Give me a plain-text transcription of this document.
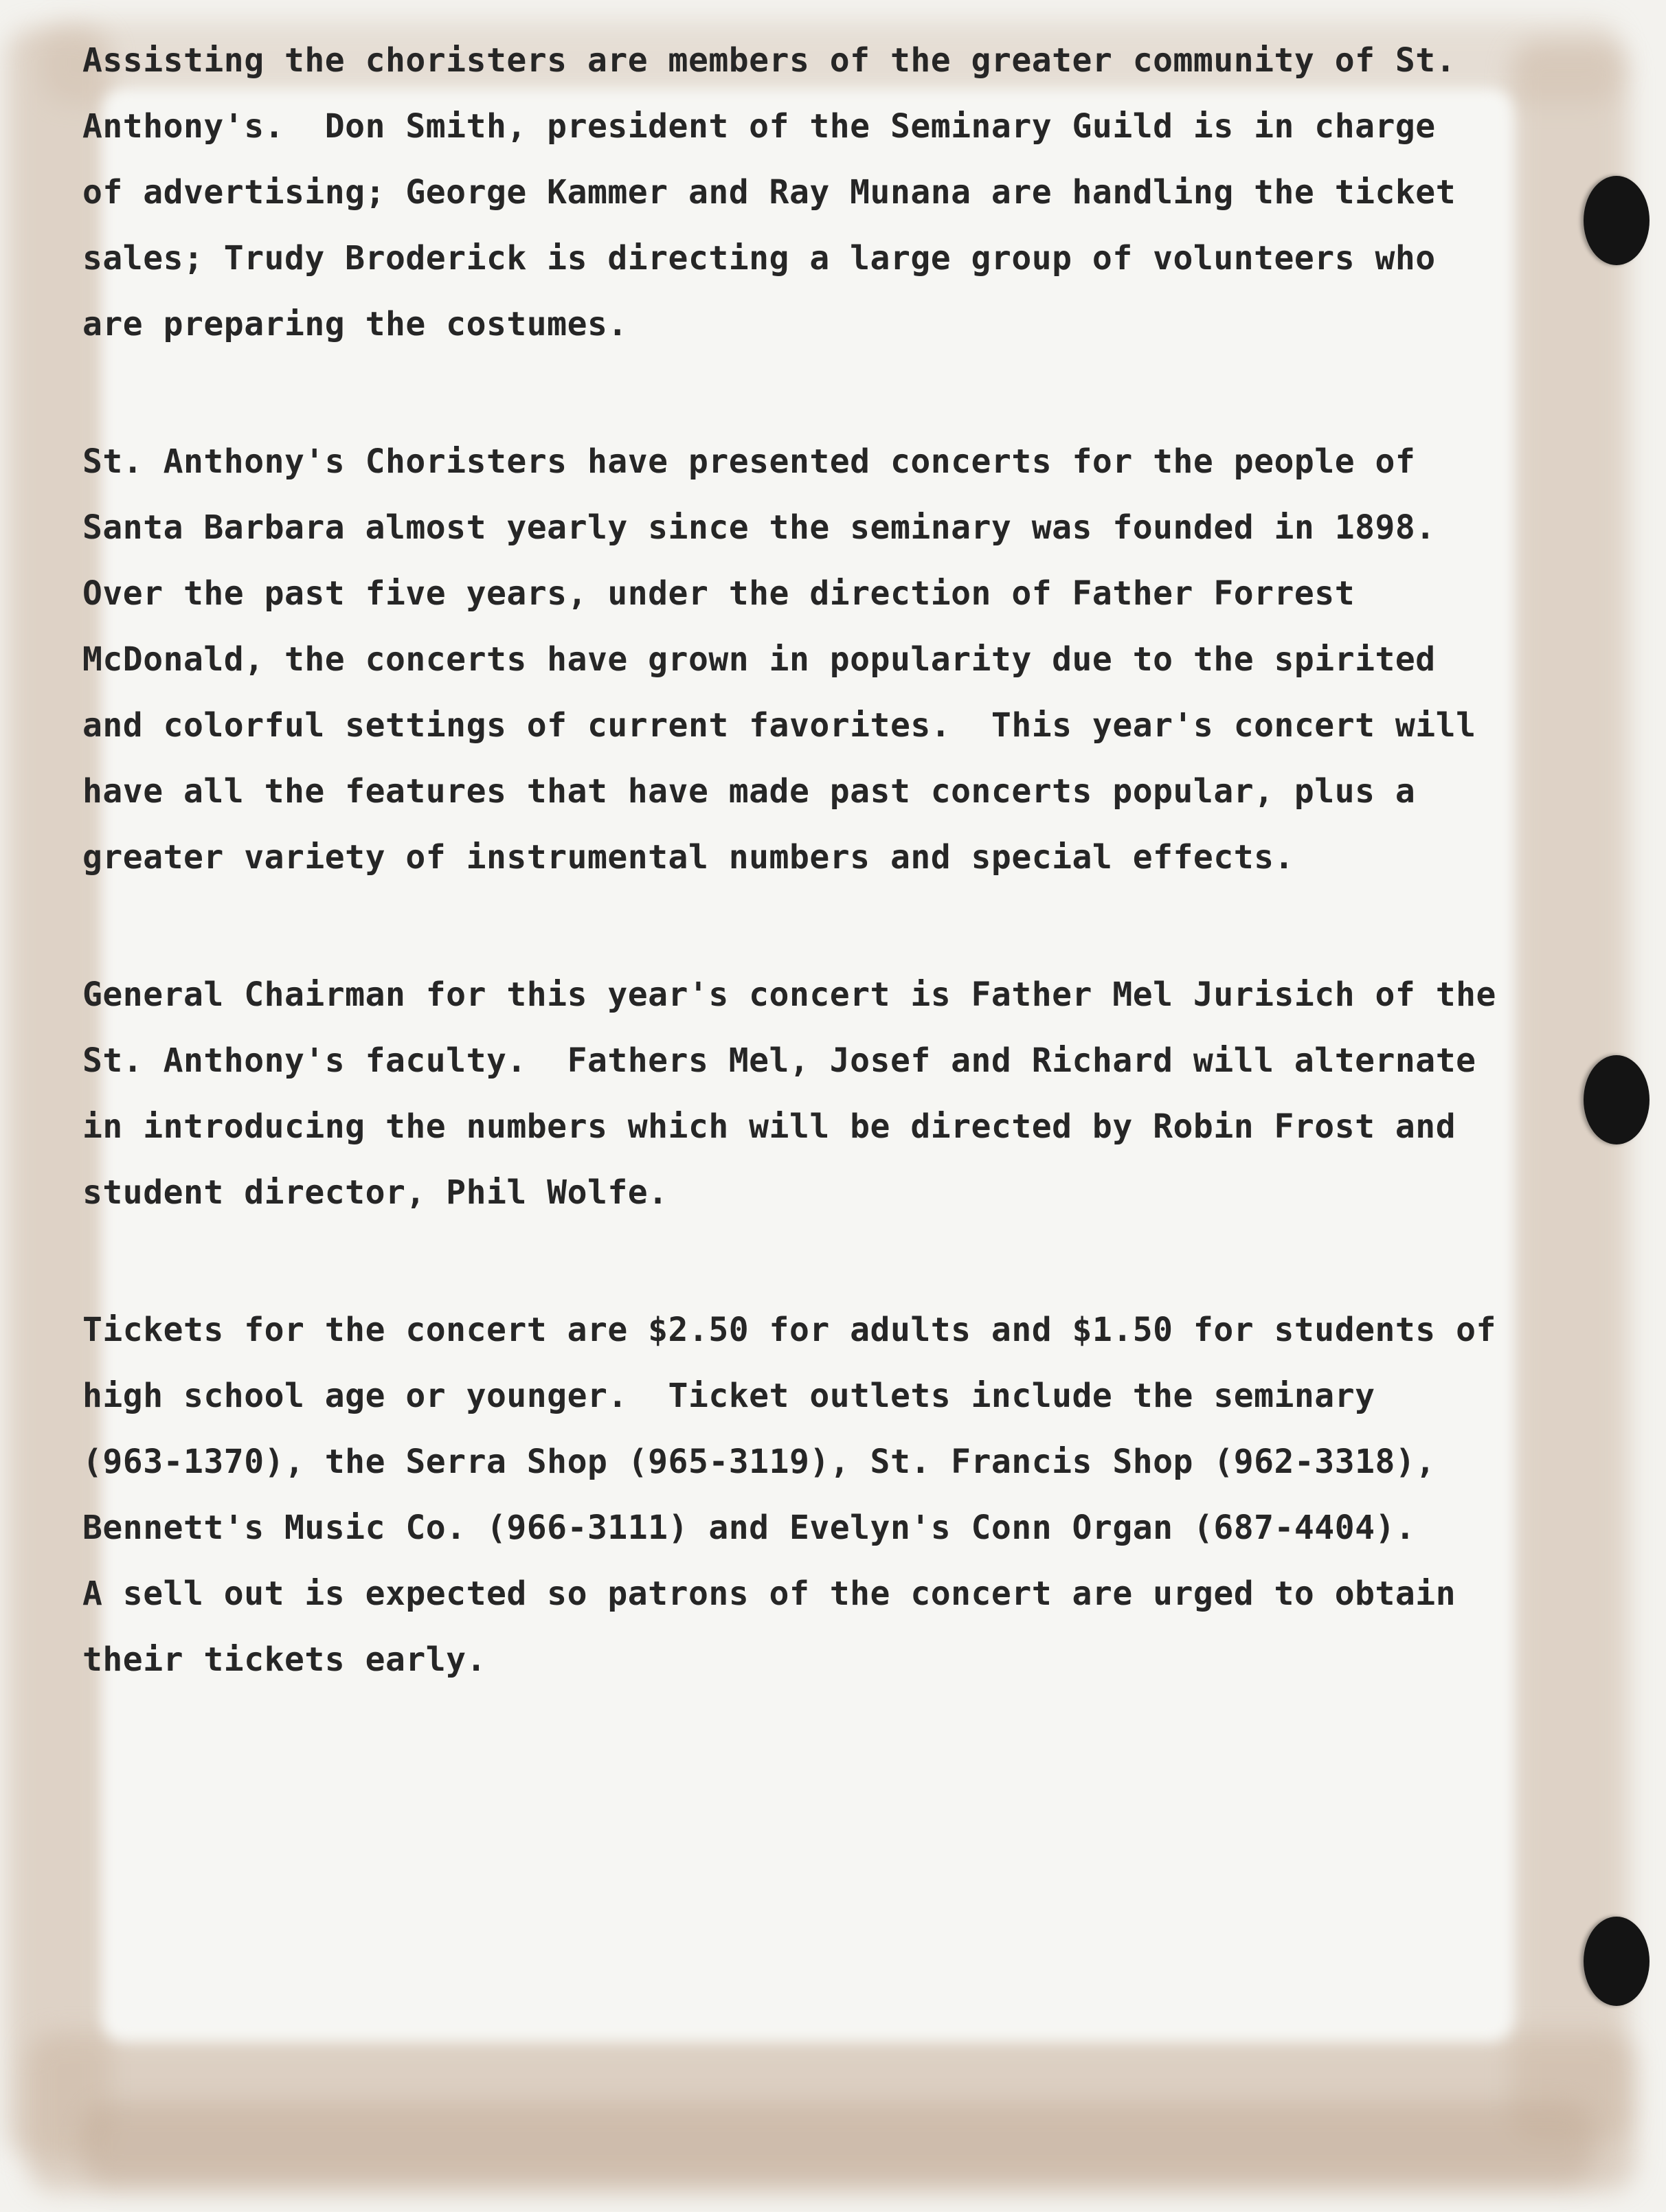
Assisting the choristers are members of the greater community of St.
Anthony's.  Don Smith, president of the Seminary Guild is in charge
of advertising; George Kammer and Ray Munana are handling the ticket
sales; Trudy Broderick is directing a large group of volunteers who
are preparing the costumes.
St. Anthony's Choristers have presented concerts for the people of
Santa Barbara almost yearly since the seminary was founded in 1898.
Over the past five years, under the direction of Father Forrest
McDonald, the concerts have grown in popularity due to the spirited
and colorful settings of current favorites.  This year's concert will
have all the features that have made past concerts popular, plus a
greater variety of instrumental numbers and special effects.
General Chairman for this year's concert is Father Mel Jurisich of the
St. Anthony's faculty.  Fathers Mel, Josef and Richard will alternate
in introducing the numbers which will be directed by Robin Frost and
student director, Phil Wolfe.
Tickets for the concert are $2.50 for adults and $1.50 for students of
high school age or younger.  Ticket outlets include the seminary
(963-1370), the Serra Shop (965-3119), St. Francis Shop (962-3318),
Bennett's Music Co. (966-3111) and Evelyn's Conn Organ (687-4404).
A sell out is expected so patrons of the concert are urged to obtain
their tickets early.
